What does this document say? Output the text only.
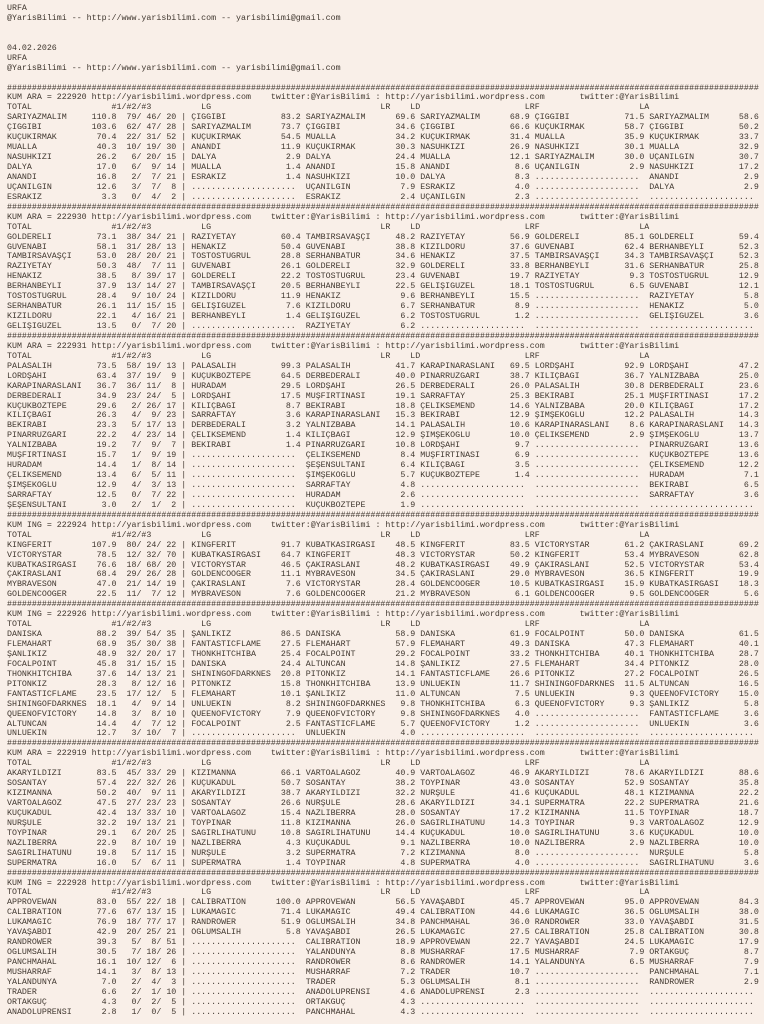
URFA
@YarisBilimi -- http://www.yarisbilimi.com -- yarisbilimi@gmail.com

04.02.2026
URFA
@YarisBilimi -- http://www.yarisbilimi.com -- yarisbilimi@gmail.com

#######################################################################################################################################################
KUM ARA = 222920 http://yarisbilimi.wordpress.com    twitter:@YarisBilimi : http://yarisbilimi.wordpress.com       twitter:@YarisBilimi
TOTAL                #1/#2/#3          LG                                  LR    LD                     LRF                    LA
SARIYAZMALIM     110.8  79/ 46/ 20 | ÇİĞGİBİ           83.2 SARIYAZMALIM      69.6 SARIYAZMALIM      68.9 ÇİĞGİBİ           71.5 SARIYAZMALIM      58.6
ÇİĞGİBİ          103.6  62/ 47/ 28 | SARIYAZMALIM      73.7 ÇİĞGİBİ           34.6 ÇİĞGİBİ           66.6 KÜÇÜKIRMAK        58.7 ÇİĞGİBİ           50.2
KÜÇÜKIRMAK        70.4  22/ 31/ 52 | KÜÇÜKIRMAK        54.5 MUALLA            34.2 KÜÇÜKIRMAK        31.4 MUALLA            35.9 KÜÇÜKIRMAK        33.7
MUALLA            40.3  10/ 19/ 30 | ANANDİ            11.9 KÜÇÜKIRMAK        30.3 NASUHKIZI         26.9 NASUHKIZI         30.1 MUALLA            32.9
NASUHKIZI         26.2   6/ 20/ 15 | DALYA              2.9 DALYA             24.4 MUALLA            12.1 SARIYAZMALIM      30.0 UÇANILGIN         30.7
DALYA             17.0   6/  9/ 14 | MUALLA             1.4 ANANDİ            15.8 ANANDİ             8.6 UÇANILGIN          2.9 NASUHKIZI         17.2
ANANDİ            16.8   2/  7/ 21 | ESRAKIZ            1.4 NASUHKIZI         10.0 DALYA              8.3 .....................  ANANDİ             2.9
UÇANILGIN         12.6   3/  7/  8 | .....................  UÇANILGIN          7.9 ESRAKIZ            4.0 .....................  DALYA              2.9
ESRAKIZ            3.3   0/  4/  2 | .....................  ESRAKIZ            2.4 UÇANILGIN          2.3 .....................  .....................
#######################################################################################################################################################
KUM ARA = 222930 http://yarisbilimi.wordpress.com    twitter:@YarisBilimi : http://yarisbilimi.wordpress.com       twitter:@YarisBilimi
TOTAL                #1/#2/#3          LG                                  LR    LD                     LRF                    LA
GÖLDERELİ         73.1  38/ 34/ 21 | RAZİYETAY         60.4 TAMBİRSAVAŞÇI     48.2 RAZİYETAY         56.9 GÖLDERELİ         85.1 GÖLDERELİ         59.4
GÜVENABİ          58.1  31/ 28/ 13 | HENAKIZ           50.4 GÜVENABİ          38.8 KIZILDORU         37.6 GÜVENABİ          62.4 BERHANBEYLİ       52.3
TAMBİRSAVAŞÇI     53.0  28/ 20/ 21 | TOSTOSTUĞRUL      28.8 SERHANBATUR       34.6 HENAKIZ           37.5 TAMBİRSAVAŞÇI     34.3 TAMBİRSAVAŞÇI     52.3
RAZİYETAY         50.3  48/  7/ 11 | GÜVENABİ          26.1 GÖLDERELİ         32.9 GÖLDERELİ         33.8 BERHANBEYLİ       31.6 SERHANBATUR       25.8
HENAKIZ           38.5   8/ 39/ 17 | GÖLDERELİ         22.2 TOSTOSTUĞRUL      23.4 GÜVENABİ          19.7 RAZİYETAY          9.3 TOSTOSTUĞRUL      12.9
BERHANBEYLİ       37.9  13/ 14/ 27 | TAMBİRSAVAŞÇI     20.5 BERHANBEYLİ       22.5 GELİŞIGÜZEL       18.1 TOSTOSTUĞRUL       6.5 GÜVENABİ          12.1
TOSTOSTUĞRUL      28.4   9/ 10/ 24 | KIZILDORU         11.9 HENAKIZ            9.6 BERHANBEYLİ       15.5 .....................  RAZİYETAY          5.8
SERHANBATUR       26.1  11/ 15/ 15 | GELİŞIGÜZEL        7.6 KIZILDORU          6.7 SERHANBATUR        8.9 .....................  HENAKIZ            5.0
KIZILDORU         22.1   4/ 16/ 21 | BERHANBEYLİ        1.4 GELİŞIGÜZEL        6.2 TOSTOSTUĞRUL       1.2 .....................  GELİŞIGÜZEL        3.6
GELİŞIGÜZEL       13.5   0/  7/ 20 | .....................  RAZİYETAY          6.2 .....................  .....................  .....................
#######################################################################################################################################################
KUM ARA = 222931 http://yarisbilimi.wordpress.com    twitter:@YarisBilimi : http://yarisbilimi.wordpress.com       twitter:@YarisBilimi
TOTAL                #1/#2/#3          LG                                  LR    LD                     LRF                    LA
PALASALİH         73.5  58/ 19/ 13 | PALASALİH         99.3 PALASALİH         41.7 KARAPINARASLANI   69.5 LORDŞAHI          92.9 LORDŞAHI          47.2
LORDŞAHI          63.4  37/ 19/  9 | KÜÇÜKBOZTEPE      64.5 DERBEDERALİ       40.0 PINARRÜZGARI      38.7 KILIÇBAĞI         36.7 YALNIZBABA        25.0
KARAPINARASLANI   36.7  36/ 11/  8 | HÜRADAM           29.5 LORDŞAHI          26.5 DERBEDERALİ       26.0 PALASALİH         30.8 DERBEDERALİ       23.6
DERBEDERALİ       34.9  23/ 24/  5 | LORDŞAHI          17.5 MUŞFIRTINASI      19.1 SARRAFTAY         25.3 BEKİRABİ          25.1 MUŞFIRTINASI      17.2
KÜÇÜKBOZTEPE      29.6   2/ 26/ 17 | KILIÇBAĞI          8.7 BEKİRABİ          18.8 ÇELİKSEMEND       14.6 YALNIZBABA        20.0 KILIÇBAĞI         17.2
KILIÇBAĞI         26.3   4/  9/ 23 | SARRAFTAY          3.6 KARAPINARASLANI   15.3 BEKİRABİ          12.9 ŞİMŞEKOĞLU        12.2 PALASALİH         14.3
BEKİRABİ          23.3   5/ 17/ 13 | DERBEDERALİ        3.2 YALNIZBABA        14.1 PALASALİH         10.6 KARAPINARASLANI    8.6 KARAPINARASLANI   14.3
PINARRÜZGARI      22.2   4/ 23/ 14 | ÇELİKSEMEND        1.4 KILIÇBAĞI         12.9 ŞİMŞEKOĞLU        10.0 ÇELİKSEMEND        2.9 ŞİMŞEKOĞLU        13.7
YALNIZBABA        19.2   7/  9/  7 | BEKİRABİ           1.4 PINARRÜZGARI      10.8 LORDŞAHI           9.7 .....................  PINARRÜZGARI      13.6
MUŞFIRTINASI      15.7   1/  9/ 19 | .....................  ÇELİKSEMEND        8.4 MUŞFIRTINASI       6.9 .....................  KÜÇÜKBOZTEPE      13.6
HÜRADAM           14.4   1/  8/ 14 | .....................  ŞEŞENSULTANI       6.4 KILIÇBAĞI          3.5 .....................  ÇELİKSEMEND       12.2
ÇELİKSEMEND       13.4   6/  5/ 11 | .....................  ŞİMŞEKOĞLU         5.7 KÜÇÜKBOZTEPE       1.4 .....................  HÜRADAM            7.1
ŞİMŞEKOĞLU        12.9   4/  3/ 13 | .....................  SARRAFTAY          4.8 .....................  .....................  BEKİRABİ           6.5
SARRAFTAY         12.5   0/  7/ 22 | .....................  HÜRADAM            2.6 .....................  .....................  SARRAFTAY          3.6
ŞEŞENSULTANI       3.0   2/  1/  2 | .....................  KÜÇÜKBOZTEPE       1.9 .....................  .....................  .....................
#######################################################################################################################################################
KUM ING = 222924 http://yarisbilimi.wordpress.com    twitter:@YarisBilimi : http://yarisbilimi.wordpress.com       twitter:@YarisBilimi
TOTAL                #1/#2/#3          LG                                  LR    LD                     LRF                    LA
KINGFERİT        107.9  80/ 24/ 22 | KINGFERİT         91.7 KUBATKASIRGASI    48.5 KINGFERİT         83.5 VICTORYSTAR       61.2 ÇAKIRASLANI       69.2
VICTORYSTAR       78.5  12/ 32/ 70 | KUBATKASIRGASI    64.7 KINGFERİT         48.3 VICTORYSTAR       50.2 KINGFERİT         53.4 MYBRAVESON        62.8
KUBATKASIRGASI    76.6  18/ 68/ 20 | VICTORYSTAR       46.5 ÇAKIRASLANI       48.2 KUBATKASIRGASI    49.9 ÇAKIRASLANI       52.5 VICTORYSTAR       53.4
ÇAKIRASLANI       68.4  29/ 26/ 28 | GOLDENCOOGER      11.1 MYBRAVESON        34.5 ÇAKIRASLANI       29.0 MYBRAVESON        36.5 KINGFERİT         19.9
MYBRAVESON        47.0  21/ 14/ 19 | ÇAKIRASLANI        7.6 VICTORYSTAR       28.4 GOLDENCOOGER      10.5 KUBATKASIRGASI    15.9 KUBATKASIRGASI    18.3
GOLDENCOOGER      22.5  11/  7/ 12 | MYBRAVESON         7.6 GOLDENCOOGER      21.2 MYBRAVESON         6.1 GOLDENCOOGER       9.5 GOLDENCOOGER       5.6
#######################################################################################################################################################
KUM ING = 222926 http://yarisbilimi.wordpress.com    twitter:@YarisBilimi : http://yarisbilimi.wordpress.com       twitter:@YarisBilimi
TOTAL                #1/#2/#3          LG                                  LR    LD                     LRF                    LA
DANİSKA           88.2  39/ 54/ 35 | ŞANLIKIZ          86.5 DANİSKA           58.9 DANİSKA           61.9 FOCALPOINT        50.0 DANİSKA           61.5
FLEMAHART         68.9  35/ 30/ 38 | FANTASTICFLAME    27.5 FLEMAHART         57.9 FLEMAHART         49.3 DANİSKA           47.3 FLEMAHART         40.1
ŞANLIKIZ          48.9  32/ 20/ 17 | THONKHITCHIBA     25.4 FOCALPOINT        29.2 FOCALPOINT        33.2 THONKHITCHIBA     40.1 THONKHITCHIBA     28.7
FOCALPOINT        45.8  31/ 15/ 15 | DANİSKA           24.4 ALTUNCAN          14.8 ŞANLIKIZ          27.5 FLEMAHART         34.4 PİTONKIZ          28.0
THONKHITCHIBA     37.6  14/ 13/ 21 | SHININGOFDARKNES  20.8 PİTONKIZ          14.1 FANTASTICFLAME    26.6 PİTONKIZ          27.2 FOCALPOINT        26.5
PİTONKIZ          28.3   8/ 12/ 16 | PİTONKIZ          15.8 THONKHITCHIBA     13.9 ÜNLÜEKİN          11.7 SHININGOFDARKNES  11.5 ALTUNCAN          16.5
FANTASTICFLAME    23.5  17/ 12/  5 | FLEMAHART         10.1 ŞANLIKIZ          11.0 ALTUNCAN           7.5 ÜNLÜEKİN           9.3 QUEENOFVICTORY    15.0
SHININGOFDARKNES  18.1   4/  9/ 14 | ÜNLÜEKİN           8.2 SHININGOFDARKNES   9.8 THONKHITCHIBA      6.3 QUEENOFVICTORY     9.3 ŞANLIKIZ           5.8
QUEENOFVICTORY    14.8   3/  8/ 10 | QUEENOFVICTORY     7.9 QUEENOFVICTORY     9.8 SHININGOFDARKNES   4.0 .....................  FANTASTICFLAME     3.6
ALTUNCAN          14.4   4/  7/ 12 | FOCALPOINT         2.5 FANTASTICFLAME     5.7 QUEENOFVICTORY     1.2 .....................  ÜNLÜEKİN           3.6
ÜNLÜEKİN          12.7   3/ 10/  7 | .....................  ÜNLÜEKİN           4.0 .....................  .....................  .....................
#######################################################################################################################################################
KUM ARA = 222919 http://yarisbilimi.wordpress.com    twitter:@YarisBilimi : http://yarisbilimi.wordpress.com       twitter:@YarisBilimi
TOTAL                #1/#2/#3          LG                                  LR    LD                     LRF                    LA
AKARYILDIZI       83.5  45/ 33/ 29 | KIZIMANNA         66.1 VARTOALAGÖZ       40.9 VARTOALAGÖZ       46.9 AKARYILDIZI       78.6 AKARYILDIZI       88.6
SOSANTAY          57.4  22/ 32/ 26 | KÜÇÜKADUL         50.7 SOSANTAY          38.2 TOYPINAR          43.0 SOSANTAY          52.9 SOSANTAY          35.8
KIZIMANNA         50.2  40/  9/ 11 | AKARYILDIZI       38.7 AKARYILDIZI       32.2 NURŞULE           41.6 KÜÇÜKADUL         48.1 KIZIMANNA         22.2
VARTOALAGÖZ       47.5  27/ 23/ 23 | SOSANTAY          26.6 NURŞULE           28.6 AKARYILDIZI       34.1 SÜPERMATRA        22.2 SÜPERMATRA        21.6
KÜÇÜKADUL         42.4  13/ 33/ 10 | VARTOALAGÖZ       15.4 NAZLIBERRA        28.0 SOSANTAY          17.2 KIZIMANNA         11.5 TOYPINAR          18.7
NURŞULE           32.2  19/ 13/ 21 | TOYPINAR          11.8 KIZIMANNA         26.0 SAĞIRLIHATUNU     14.3 TOYPINAR           9.3 VARTOALAGÖZ       12.9
TOYPINAR          29.1   6/ 20/ 25 | SAĞIRLIHATUNU     10.8 SAĞIRLIHATUNU     14.4 KÜÇÜKADUL         10.0 SAĞIRLIHATUNU      3.6 KÜÇÜKADUL         10.0
NAZLIBERRA        22.9   8/ 10/ 19 | NAZLIBERRA         4.3 KÜÇÜKADUL          9.1 NAZLIBERRA        10.0 NAZLIBERRA         2.9 NAZLIBERRA        10.0
SAĞIRLIHATUNU     19.8   5/ 11/ 15 | NURŞULE            3.2 SÜPERMATRA         7.2 KIZIMANNA          8.0 .....................  NURŞULE            5.8
SÜPERMATRA        16.0   5/  6/ 11 | SÜPERMATRA         1.4 TOYPINAR           4.8 SÜPERMATRA         4.0 .....................  SAĞIRLIHATUNU      3.6
#######################################################################################################################################################
KUM ING = 222928 http://yarisbilimi.wordpress.com    twitter:@YarisBilimi : http://yarisbilimi.wordpress.com       twitter:@YarisBilimi
TOTAL                #1/#2/#3          LG                                  LR    LD                     LRF                    LA
APPROVEWAN        83.0  55/ 22/ 18 | CALIBRATION      100.0 APPROVEWAN        56.5 YAVAŞABDİ         45.7 APPROVEWAN        95.0 APPROVEWAN        84.3
CALIBRATION       77.6  67/ 13/ 15 | LUKAMAGIC         71.4 LUKAMAGIC         49.4 CALIBRATION       44.6 LUKAMAGIC         36.5 OĞLUMSALİH        38.0
LUKAMAGIC         76.9  18/ 77/ 17 | RANDROWER         51.9 OĞLUMSALİH        34.8 PANCHMAHAL        36.0 RANDROWER         33.0 YAVAŞABDİ         31.5
YAVAŞABDİ         42.9  20/ 25/ 21 | OĞLUMSALİH         5.8 YAVAŞABDİ         26.5 LUKAMAGIC         27.5 CALIBRATION       25.8 CALIBRATION       30.8
RANDROWER         39.3   5/  8/ 51 | .....................  CALIBRATION       18.9 APPROVEWAN        22.7 YAVAŞABDİ         24.5 LUKAMAGIC         17.9
OĞLUMSALİH        30.5   7/ 18/ 26 | .....................  YALANDÜNYA         8.8 MUSHARRAF         17.5 MUSHARRAF          7.9 ORTAKGÜÇ           8.7
PANCHMAHAL        16.1  10/ 12/  6 | .....................  RANDROWER          8.6 RANDROWER         14.1 YALANDÜNYA         6.5 MUSHARRAF          7.9
MUSHARRAF         14.1   3/  8/ 13 | .....................  MUSHARRAF          7.2 TRADER            10.7 .....................  PANCHMAHAL         7.1
YALANDÜNYA         7.0   2/  4/  3 | .....................  TRADER             5.3 OĞLUMSALİH         8.1 .....................  RANDROWER          2.9
TRADER             6.6   2/  1/ 10 | .....................  ANADOLUPRENSİ      4.6 ANADOLUPRENSİ      2.3 .....................  .....................
ORTAKGÜÇ           4.3   0/  2/  5 | .....................  ORTAKGÜÇ           4.3 .....................  .....................  .....................
ANADOLUPRENSİ      2.8   1/  0/  5 | .....................  PANCHMAHAL         4.3 .....................  .....................  .....................
